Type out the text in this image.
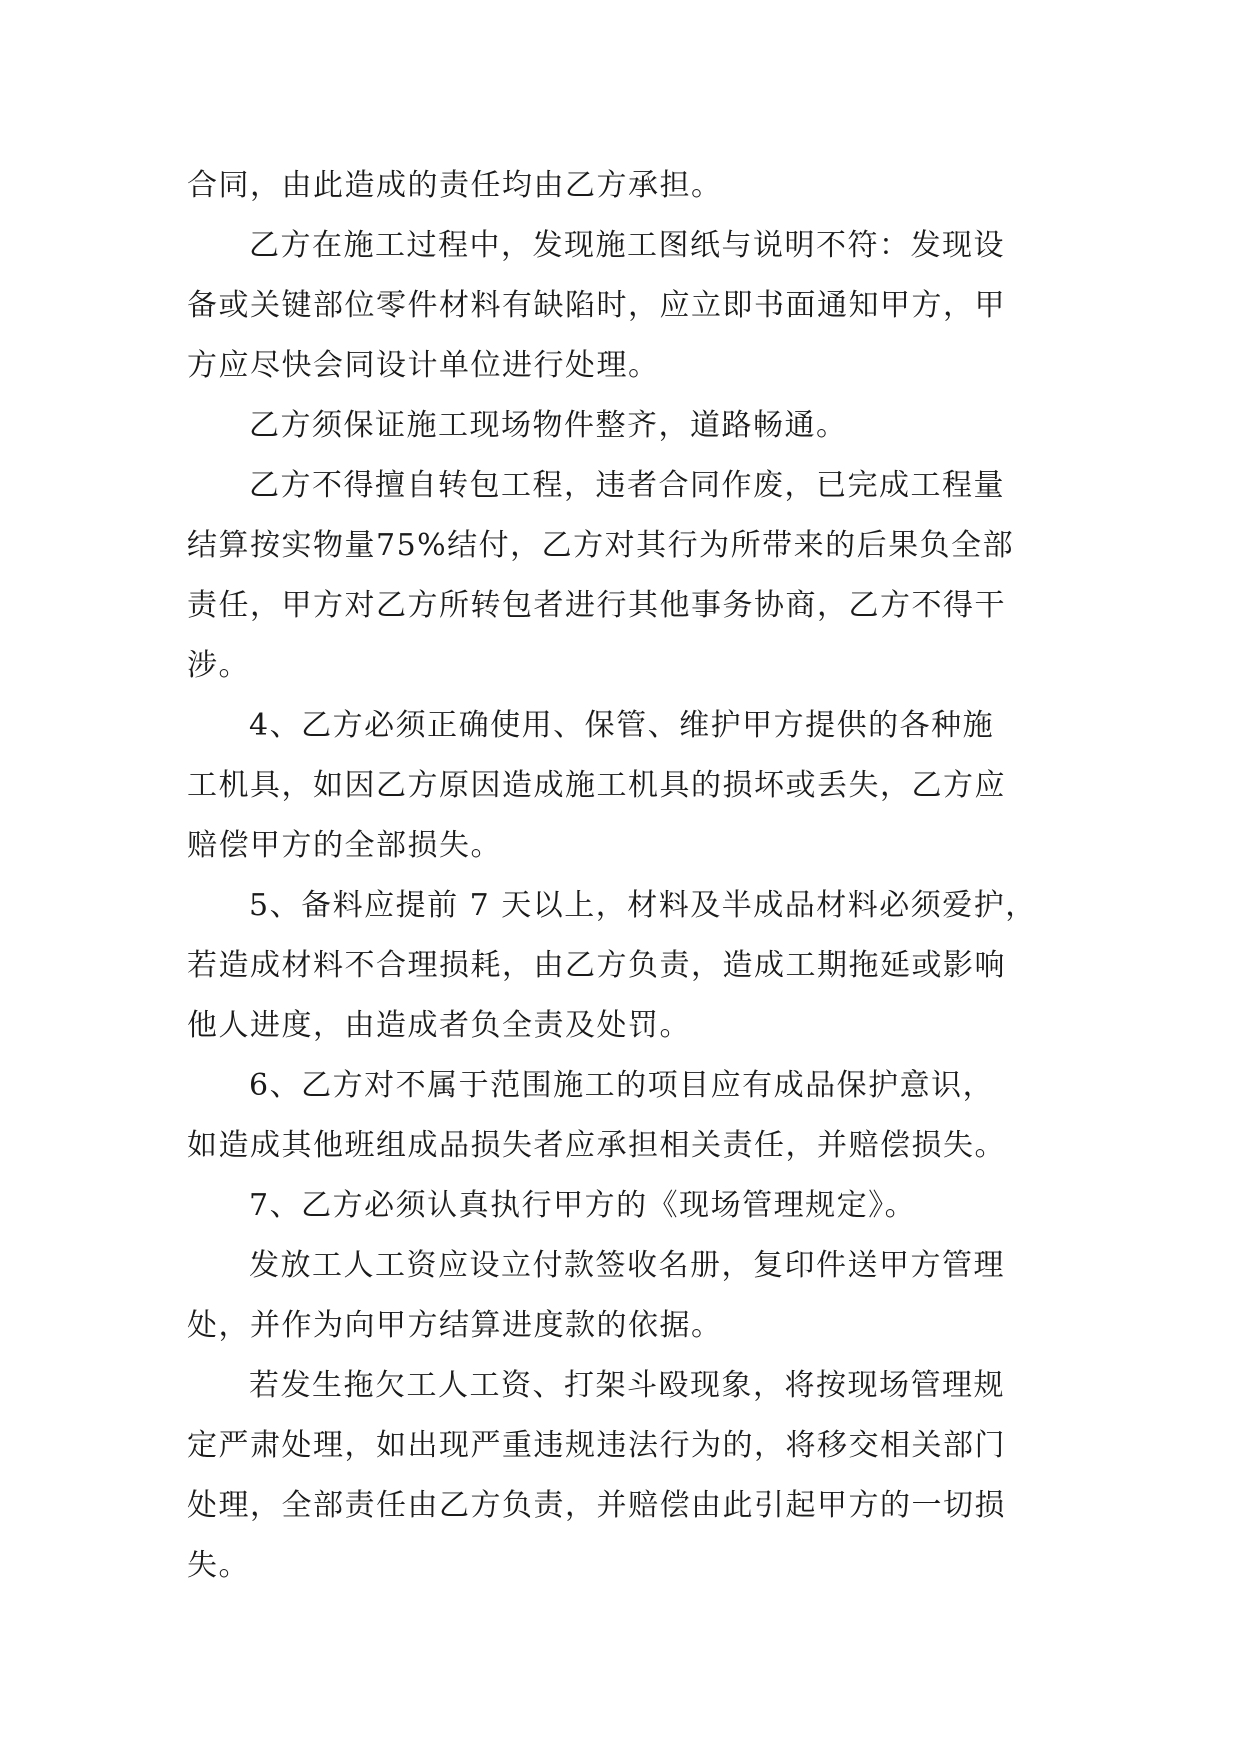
合同，由此造成的责任均由乙方承担。
乙方在施工过程中，发现施工图纸与说明不符：发现设
备或关键部位零件材料有缺陷时，应立即书面通知甲方，甲
方应尽快会同设计单位进行处理。
乙方须保证施工现场物件整齐，道路畅通。
乙方不得擅自转包工程，违者合同作废，已完成工程量
结算按实物量75%结付，乙方对其行为所带来的后果负全部
责任，甲方对乙方所转包者进行其他事务协商，乙方不得干
涉。
4、乙方必须正确使用、保管、维护甲方提供的各种施
工机具，如因乙方原因造成施工机具的损坏或丢失，乙方应
赔偿甲方的全部损失。
5、备料应提前 7 天以上，材料及半成品材料必须爱护，
若造成材料不合理损耗，由乙方负责，造成工期拖延或影响
他人进度，由造成者负全责及处罚。
6、乙方对不属于范围施工的项目应有成品保护意识，
如造成其他班组成品损失者应承担相关责任，并赔偿损失。
7、乙方必须认真执行甲方的《现场管理规定》。
发放工人工资应设立付款签收名册，复印件送甲方管理
处，并作为向甲方结算进度款的依据。
若发生拖欠工人工资、打架斗殴现象，将按现场管理规
定严肃处理，如出现严重违规违法行为的，将移交相关部门
处理，全部责任由乙方负责，并赔偿由此引起甲方的一切损
失。
